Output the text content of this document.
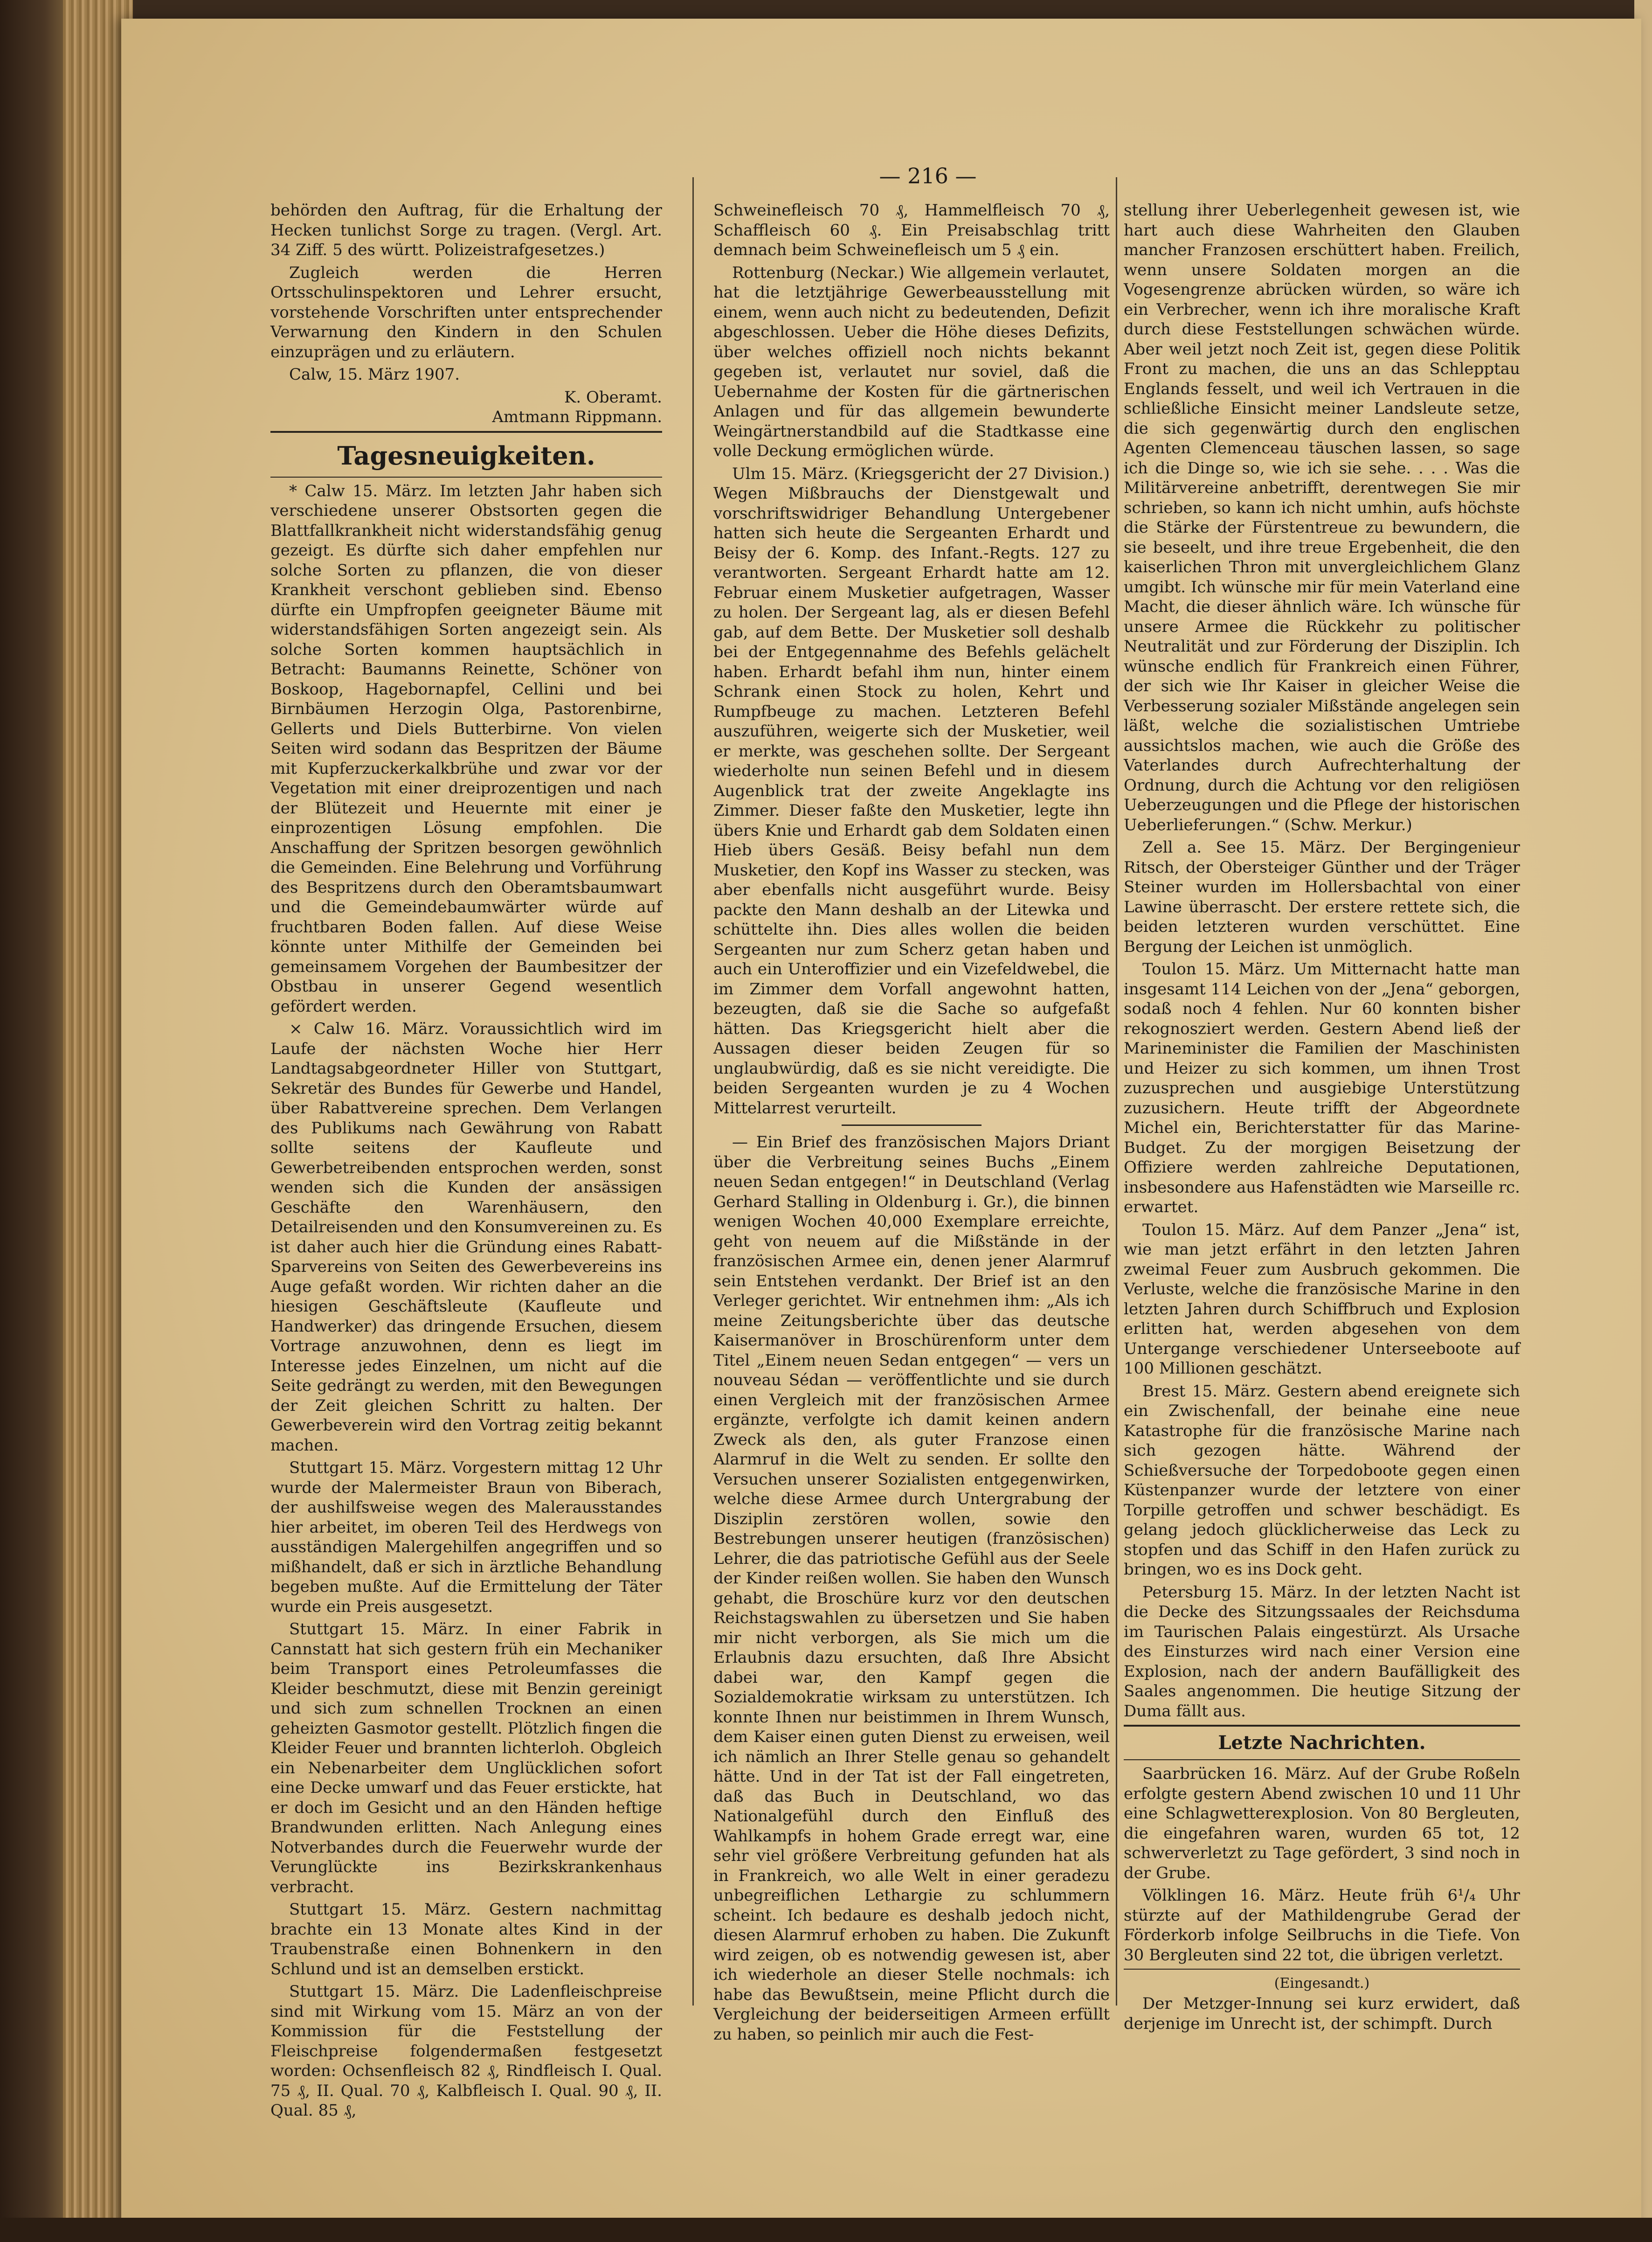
— 216 —

behörden den Auftrag, für die Erhaltung der Hecken tunlichst Sorge zu tragen. (Vergl. Art. 34 Ziff. 5 des württ. Polizeistrafgesetzes.)

Zugleich werden die Herren Ortsschulinspektoren und Lehrer ersucht, vorstehende Vorschriften unter entsprechender Verwarnung den Kindern in den Schulen einzuprägen und zu erläutern.

Calw, 15. März 1907.

K. Oberamt.

Amtmann Rippmann.

Tagesneuigkeiten.

* Calw 15. März. Im letzten Jahr haben sich verschiedene unserer Obstsorten gegen die Blattfallkrankheit nicht widerstandsfähig genug gezeigt. Es dürfte sich daher empfehlen nur solche Sorten zu pflanzen, die von dieser Krankheit verschont geblieben sind. Ebenso dürfte ein Umpfropfen geeigneter Bäume mit widerstandsfähigen Sorten angezeigt sein. Als solche Sorten kommen hauptsächlich in Betracht: Baumanns Reinette, Schöner von Boskoop, Hagebornapfel, Cellini und bei Birnbäumen Herzogin Olga, Pastorenbirne, Gellerts und Diels Butterbirne. Von vielen Seiten wird sodann das Bespritzen der Bäume mit Kupferzuckerkalkbrühe und zwar vor der Vegetation mit einer dreiprozentigen und nach der Blütezeit und Heuernte mit einer je einprozentigen Lösung empfohlen. Die Anschaffung der Spritzen besorgen gewöhnlich die Gemeinden. Eine Belehrung und Vorführung des Bespritzens durch den Oberamtsbaumwart und die Gemeindebaumwärter würde auf fruchtbaren Boden fallen. Auf diese Weise könnte unter Mithilfe der Gemeinden bei gemeinsamem Vorgehen der Baumbesitzer der Obstbau in unserer Gegend wesentlich gefördert werden.

× Calw 16. März. Voraussichtlich wird im Laufe der nächsten Woche hier Herr Landtagsabgeordneter Hiller von Stuttgart, Sekretär des Bundes für Gewerbe und Handel, über Rabattvereine sprechen. Dem Verlangen des Publikums nach Gewährung von Rabatt sollte seitens der Kaufleute und Gewerbetreibenden entsprochen werden, sonst wenden sich die Kunden der ansässigen Geschäfte den Warenhäusern, den Detailreisenden und den Konsumvereinen zu. Es ist daher auch hier die Gründung eines Rabatt-Sparvereins von Seiten des Gewerbevereins ins Auge gefaßt worden. Wir richten daher an die hiesigen Geschäftsleute (Kaufleute und Handwerker) das dringende Ersuchen, diesem Vortrage anzuwohnen, denn es liegt im Interesse jedes Einzelnen, um nicht auf die Seite gedrängt zu werden, mit den Bewegungen der Zeit gleichen Schritt zu halten. Der Gewerbeverein wird den Vortrag zeitig bekannt machen.

Stuttgart 15. März. Vorgestern mittag 12 Uhr wurde der Malermeister Braun von Biberach, der aushilfsweise wegen des Malerausstandes hier arbeitet, im oberen Teil des Herdwegs von ausständigen Malergehilfen angegriffen und so mißhandelt, daß er sich in ärztliche Behandlung begeben mußte. Auf die Ermittelung der Täter wurde ein Preis ausgesetzt.

Stuttgart 15. März. In einer Fabrik in Cannstatt hat sich gestern früh ein Mechaniker beim Transport eines Petroleumfasses die Kleider beschmutzt, diese mit Benzin gereinigt und sich zum schnellen Trocknen an einen geheizten Gasmotor gestellt. Plötzlich fingen die Kleider Feuer und brannten lichterloh. Obgleich ein Nebenarbeiter dem Unglücklichen sofort eine Decke umwarf und das Feuer erstickte, hat er doch im Gesicht und an den Händen heftige Brandwunden erlitten. Nach Anlegung eines Notverbandes durch die Feuerwehr wurde der Verunglückte ins Bezirkskrankenhaus verbracht.

Stuttgart 15. März. Gestern nachmittag brachte ein 13 Monate altes Kind in der Traubenstraße einen Bohnenkern in den Schlund und ist an demselben erstickt.

Stuttgart 15. März. Die Ladenfleischpreise sind mit Wirkung vom 15. März an von der Kommission für die Feststellung der Fleischpreise folgendermaßen festgesetzt worden: Ochsenfleisch 82 ₰, Rindfleisch I. Qual. 75 ₰, II. Qual. 70 ₰, Kalbfleisch I. Qual. 90 ₰, II. Qual. 85 ₰,

Schweinefleisch 70 ₰, Hammelfleisch 70 ₰, Schaffleisch 60 ₰. Ein Preisabschlag tritt demnach beim Schweinefleisch um 5 ₰ ein.

Rottenburg (Neckar.) Wie allgemein verlautet, hat die letztjährige Gewerbeausstellung mit einem, wenn auch nicht zu bedeutenden, Defizit abgeschlossen. Ueber die Höhe dieses Defizits, über welches offiziell noch nichts bekannt gegeben ist, verlautet nur soviel, daß die Uebernahme der Kosten für die gärtnerischen Anlagen und für das allgemein bewunderte Weingärtnerstandbild auf die Stadtkasse eine volle Deckung ermöglichen würde.

Ulm 15. März. (Kriegsgericht der 27 Division.) Wegen Mißbrauchs der Dienstgewalt und vorschriftswidriger Behandlung Untergebener hatten sich heute die Sergeanten Erhardt und Beisy der 6. Komp. des Infant.-Regts. 127 zu verantworten. Sergeant Erhardt hatte am 12. Februar einem Musketier aufgetragen, Wasser zu holen. Der Sergeant lag, als er diesen Befehl gab, auf dem Bette. Der Musketier soll deshalb bei der Entgegennahme des Befehls gelächelt haben. Erhardt befahl ihm nun, hinter einem Schrank einen Stock zu holen, Kehrt und Rumpfbeuge zu machen. Letzteren Befehl auszuführen, weigerte sich der Musketier, weil er merkte, was geschehen sollte. Der Sergeant wiederholte nun seinen Befehl und in diesem Augenblick trat der zweite Angeklagte ins Zimmer. Dieser faßte den Musketier, legte ihn übers Knie und Erhardt gab dem Soldaten einen Hieb übers Gesäß. Beisy befahl nun dem Musketier, den Kopf ins Wasser zu stecken, was aber ebenfalls nicht ausgeführt wurde. Beisy packte den Mann deshalb an der Litewka und schüttelte ihn. Dies alles wollen die beiden Sergeanten nur zum Scherz getan haben und auch ein Unteroffizier und ein Vizefeldwebel, die im Zimmer dem Vorfall angewohnt hatten, bezeugten, daß sie die Sache so aufgefaßt hätten. Das Kriegsgericht hielt aber die Aussagen dieser beiden Zeugen für so unglaubwürdig, daß es sie nicht vereidigte. Die beiden Sergeanten wurden je zu 4 Wochen Mittelarrest verurteilt.

— Ein Brief des französischen Majors Driant über die Verbreitung seines Buchs „Einem neuen Sedan entgegen!“ in Deutschland (Verlag Gerhard Stalling in Oldenburg i. Gr.), die binnen wenigen Wochen 40,000 Exemplare erreichte, geht von neuem auf die Mißstände in der französischen Armee ein, denen jener Alarmruf sein Entstehen verdankt. Der Brief ist an den Verleger gerichtet. Wir entnehmen ihm: „Als ich meine Zeitungsberichte über das deutsche Kaisermanöver in Broschürenform unter dem Titel „Einem neuen Sedan entgegen“ — vers un nouveau Sédan — veröffentlichte und sie durch einen Vergleich mit der französischen Armee ergänzte, verfolgte ich damit keinen andern Zweck als den, als guter Franzose einen Alarmruf in die Welt zu senden. Er sollte den Versuchen unserer Sozialisten entgegenwirken, welche diese Armee durch Untergrabung der Disziplin zerstören wollen, sowie den Bestrebungen unserer heutigen (französischen) Lehrer, die das patriotische Gefühl aus der Seele der Kinder reißen wollen. Sie haben den Wunsch gehabt, die Broschüre kurz vor den deutschen Reichstagswahlen zu übersetzen und Sie haben mir nicht verborgen, als Sie mich um die Erlaubnis dazu ersuchten, daß Ihre Absicht dabei war, den Kampf gegen die Sozialdemokratie wirksam zu unterstützen. Ich konnte Ihnen nur beistimmen in Ihrem Wunsch, dem Kaiser einen guten Dienst zu erweisen, weil ich nämlich an Ihrer Stelle genau so gehandelt hätte. Und in der Tat ist der Fall eingetreten, daß das Buch in Deutschland, wo das Nationalgefühl durch den Einfluß des Wahlkampfs in hohem Grade erregt war, eine sehr viel größere Verbreitung gefunden hat als in Frankreich, wo alle Welt in einer geradezu unbegreiflichen Lethargie zu schlummern scheint. Ich bedaure es deshalb jedoch nicht, diesen Alarmruf erhoben zu haben. Die Zukunft wird zeigen, ob es notwendig gewesen ist, aber ich wiederhole an dieser Stelle nochmals: ich habe das Bewußtsein, meine Pflicht durch die Vergleichung der beiderseitigen Armeen erfüllt zu haben, so peinlich mir auch die Fest-

stellung ihrer Ueberlegenheit gewesen ist, wie hart auch diese Wahrheiten den Glauben mancher Franzosen erschüttert haben. Freilich, wenn unsere Soldaten morgen an die Vogesengrenze abrücken würden, so wäre ich ein Verbrecher, wenn ich ihre moralische Kraft durch diese Feststellungen schwächen würde. Aber weil jetzt noch Zeit ist, gegen diese Politik Front zu machen, die uns an das Schlepptau Englands fesselt, und weil ich Vertrauen in die schließliche Einsicht meiner Landsleute setze, die sich gegenwärtig durch den englischen Agenten Clemenceau täuschen lassen, so sage ich die Dinge so, wie ich sie sehe. . . . Was die Militärvereine anbetrifft, derentwegen Sie mir schrieben, so kann ich nicht umhin, aufs höchste die Stärke der Fürstentreue zu bewundern, die sie beseelt, und ihre treue Ergebenheit, die den kaiserlichen Thron mit unvergleichlichem Glanz umgibt. Ich wünsche mir für mein Vaterland eine Macht, die dieser ähnlich wäre. Ich wünsche für unsere Armee die Rückkehr zu politischer Neutralität und zur Förderung der Disziplin. Ich wünsche endlich für Frankreich einen Führer, der sich wie Ihr Kaiser in gleicher Weise die Verbesserung sozialer Mißstände angelegen sein läßt, welche die sozialistischen Umtriebe aussichtslos machen, wie auch die Größe des Vaterlandes durch Aufrechterhaltung der Ordnung, durch die Achtung vor den religiösen Ueberzeugungen und die Pflege der historischen Ueberlieferungen.“ (Schw. Merkur.)

Zell a. See 15. März. Der Bergingenieur Ritsch, der Obersteiger Günther und der Träger Steiner wurden im Hollersbachtal von einer Lawine überrascht. Der erstere rettete sich, die beiden letzteren wurden verschüttet. Eine Bergung der Leichen ist unmöglich.

Toulon 15. März. Um Mitternacht hatte man insgesamt 114 Leichen von der „Jena“ geborgen, sodaß noch 4 fehlen. Nur 60 konnten bisher rekognosziert werden. Gestern Abend ließ der Marineminister die Familien der Maschinisten und Heizer zu sich kommen, um ihnen Trost zuzusprechen und ausgiebige Unterstützung zuzusichern. Heute trifft der Abgeordnete Michel ein, Berichterstatter für das Marine-Budget. Zu der morgigen Beisetzung der Offiziere werden zahlreiche Deputationen, insbesondere aus Hafenstädten wie Marseille rc. erwartet.

Toulon 15. März. Auf dem Panzer „Jena“ ist, wie man jetzt erfährt in den letzten Jahren zweimal Feuer zum Ausbruch gekommen. Die Verluste, welche die französische Marine in den letzten Jahren durch Schiffbruch und Explosion erlitten hat, werden abgesehen von dem Untergange verschiedener Unterseeboote auf 100 Millionen geschätzt.

Brest 15. März. Gestern abend ereignete sich ein Zwischenfall, der beinahe eine neue Katastrophe für die französische Marine nach sich gezogen hätte. Während der Schießversuche der Torpedoboote gegen einen Küstenpanzer wurde der letztere von einer Torpille getroffen und schwer beschädigt. Es gelang jedoch glücklicherweise das Leck zu stopfen und das Schiff in den Hafen zurück zu bringen, wo es ins Dock geht.

Petersburg 15. März. In der letzten Nacht ist die Decke des Sitzungssaales der Reichsduma im Taurischen Palais eingestürzt. Als Ursache des Einsturzes wird nach einer Version eine Explosion, nach der andern Baufälligkeit des Saales angenommen. Die heutige Sitzung der Duma fällt aus.

Letzte Nachrichten.

Saarbrücken 16. März. Auf der Grube Roßeln erfolgte gestern Abend zwischen 10 und 11 Uhr eine Schlagwetterexplosion. Von 80 Bergleuten, die eingefahren waren, wurden 65 tot, 12 schwerverletzt zu Tage gefördert, 3 sind noch in der Grube.

Völklingen 16. März. Heute früh 6¹/₄ Uhr stürzte auf der Mathildengrube Gerad der Förderkorb infolge Seilbruchs in die Tiefe. Von 30 Bergleuten sind 22 tot, die übrigen verletzt.

(Eingesandt.)

Der Metzger-Innung sei kurz erwidert, daß derjenige im Unrecht ist, der schimpft. Durch
